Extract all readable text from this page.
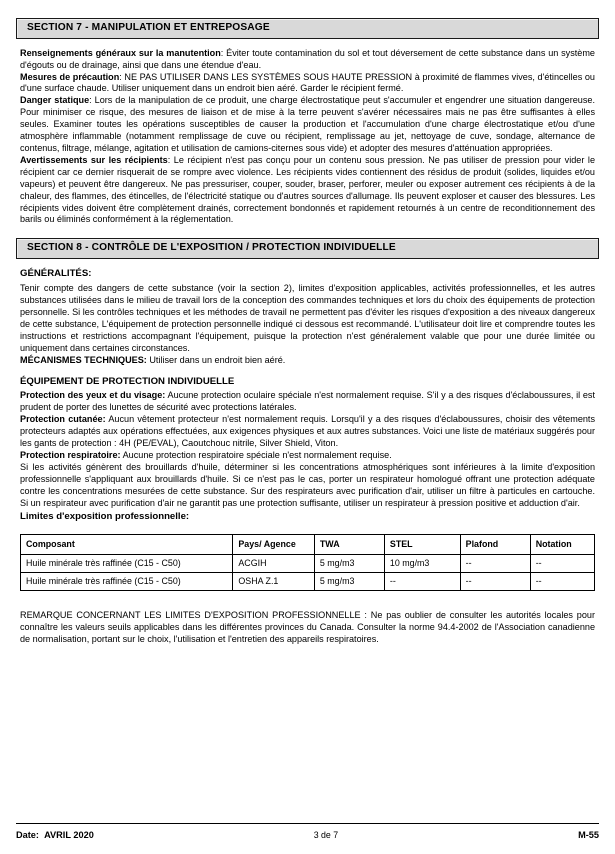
SECTION 7 - MANIPULATION ET ENTREPOSAGE

Renseignements généraux sur la manutention: Éviter toute contamination du sol et tout déversement de cette substance dans un système d'égouts ou de drainage, ainsi que dans une étendue d'eau.

Mesures de précaution: NE PAS UTILISER DANS LES SYSTÈMES SOUS HAUTE PRESSION à proximité de flammes vives, d'étincelles ou d'une surface chaude. Utiliser uniquement dans un endroit bien aéré. Garder le récipient fermé.

Danger statique: Lors de la manipulation de ce produit, une charge électrostatique peut s'accumuler et engendrer une situation dangereuse. Pour minimiser ce risque, des mesures de liaison et de mise à la terre peuvent s'avérer nécessaires mais ne pas être suffisantes à elles seules. Examiner toutes les opérations susceptibles de causer la production et l'accumulation d'une charge électrostatique et/ou d'une atmosphère inflammable (notamment remplissage de cuve ou récipient, remplissage au jet, nettoyage de cuve, sondage, alternance de contenus, filtrage, mélange, agitation et utilisation de camions-citernes sous vide) et adopter des mesures d'atténuation appropriées.

Avertissements sur les récipients: Le récipient n'est pas conçu pour un contenu sous pression. Ne pas utiliser de pression pour vider le récipient car ce dernier risquerait de se rompre avec violence. Les récipients vides contiennent des résidus de produit (solides, liquides et/ou vapeurs) et peuvent être dangereux. Ne pas pressuriser, couper, souder, braser, perforer, meuler ou exposer autrement ces récipients à de la chaleur, des flammes, des étincelles, de l'électricité statique ou d'autres sources d'allumage. Ils peuvent exploser et causer des blessures. Les récipients vides doivent être complètement drainés, correctement bondonnés et rapidement retournés à un centre de reconditionnement des barils ou éliminés conformément à la réglementation.

SECTION 8 - CONTRÔLE DE L'EXPOSITION / PROTECTION INDIVIDUELLE
GÉNÉRALITÉS:

Tenir compte des dangers de cette substance (voir la section 2), limites d'exposition applicables, activités professionnelles, et les autres substances utilisées dans le milieu de travail lors de la conception des commandes techniques et lors du choix des équipements de protection personnelle. Si les contrôles techniques et les méthodes de travail ne permettent pas d'éviter les risques d'exposition a des niveaux dangereux de cette substance, L'équipement de protection personnelle indiqué ci dessous est recommandé. L'utilisateur doit lire et comprendre toutes les instructions et restrictions accompagnant l'équipement, puisque la protection n'est généralement valable que pour une durée limitée ou uniquement dans certaines circonstances.

MÉCANISMES TECHNIQUES: Utiliser dans un endroit bien aéré.

ÉQUIPEMENT DE PROTECTION INDIVIDUELLE

Protection des yeux et du visage: Aucune protection oculaire spéciale n'est normalement requise. S'il y a des risques d'éclaboussures, il est prudent de porter des lunettes de sécurité avec protections latérales.

Protection cutanée: Aucun vêtement protecteur n'est normalement requis. Lorsqu'il y a des risques d'éclaboussures, choisir des vêtements protecteurs adaptés aux opérations effectuées, aux exigences physiques et aux autres substances. Voici une liste de matériaux suggérés pour les gants de protection : 4H (PE/EVAL), Caoutchouc nitrile, Silver Shield, Viton.

Protection respiratoire: Aucune protection respiratoire spéciale n'est normalement requise.

Si les activités génèrent des brouillards d'huile, déterminer si les concentrations atmosphériques sont inférieures à la limite d'exposition professionnelle s'appliquant aux brouillards d'huile. Si ce n'est pas le cas, porter un respirateur homologué offrant une protection adéquate contre les concentrations mesurées de cette substance. Sur des respirateurs avec purification d'air, utiliser un filtre à particules en cartouche. Si un respirateur avec purification d'air ne garantit pas une protection suffisante, utiliser un respirateur à pression positive et adduction d'air.

Limites d'exposition professionnelle:
Composant	Pays/ Agence	TWA	STEL	Plafond	Notation
Huile minérale très raffinée (C15 - C50)	ACGIH	5 mg/m3	10 mg/m3	--	--
Huile minérale très raffinée (C15 - C50)	OSHA Z.1	5 mg/m3	--	--	--

REMARQUE CONCERNANT LES LIMITES D'EXPOSITION PROFESSIONNELLE : Ne pas oublier de consulter les autorités locales pour connaître les valeurs seuils applicables dans les différentes provinces du Canada. Consulter la norme 94.4-2002 de l'Association canadienne de normalisation, portant sur le choix, l'utilisation et l'entretien des appareils respiratoires.

Date: AVRIL 2020	3 de 7	M-55
